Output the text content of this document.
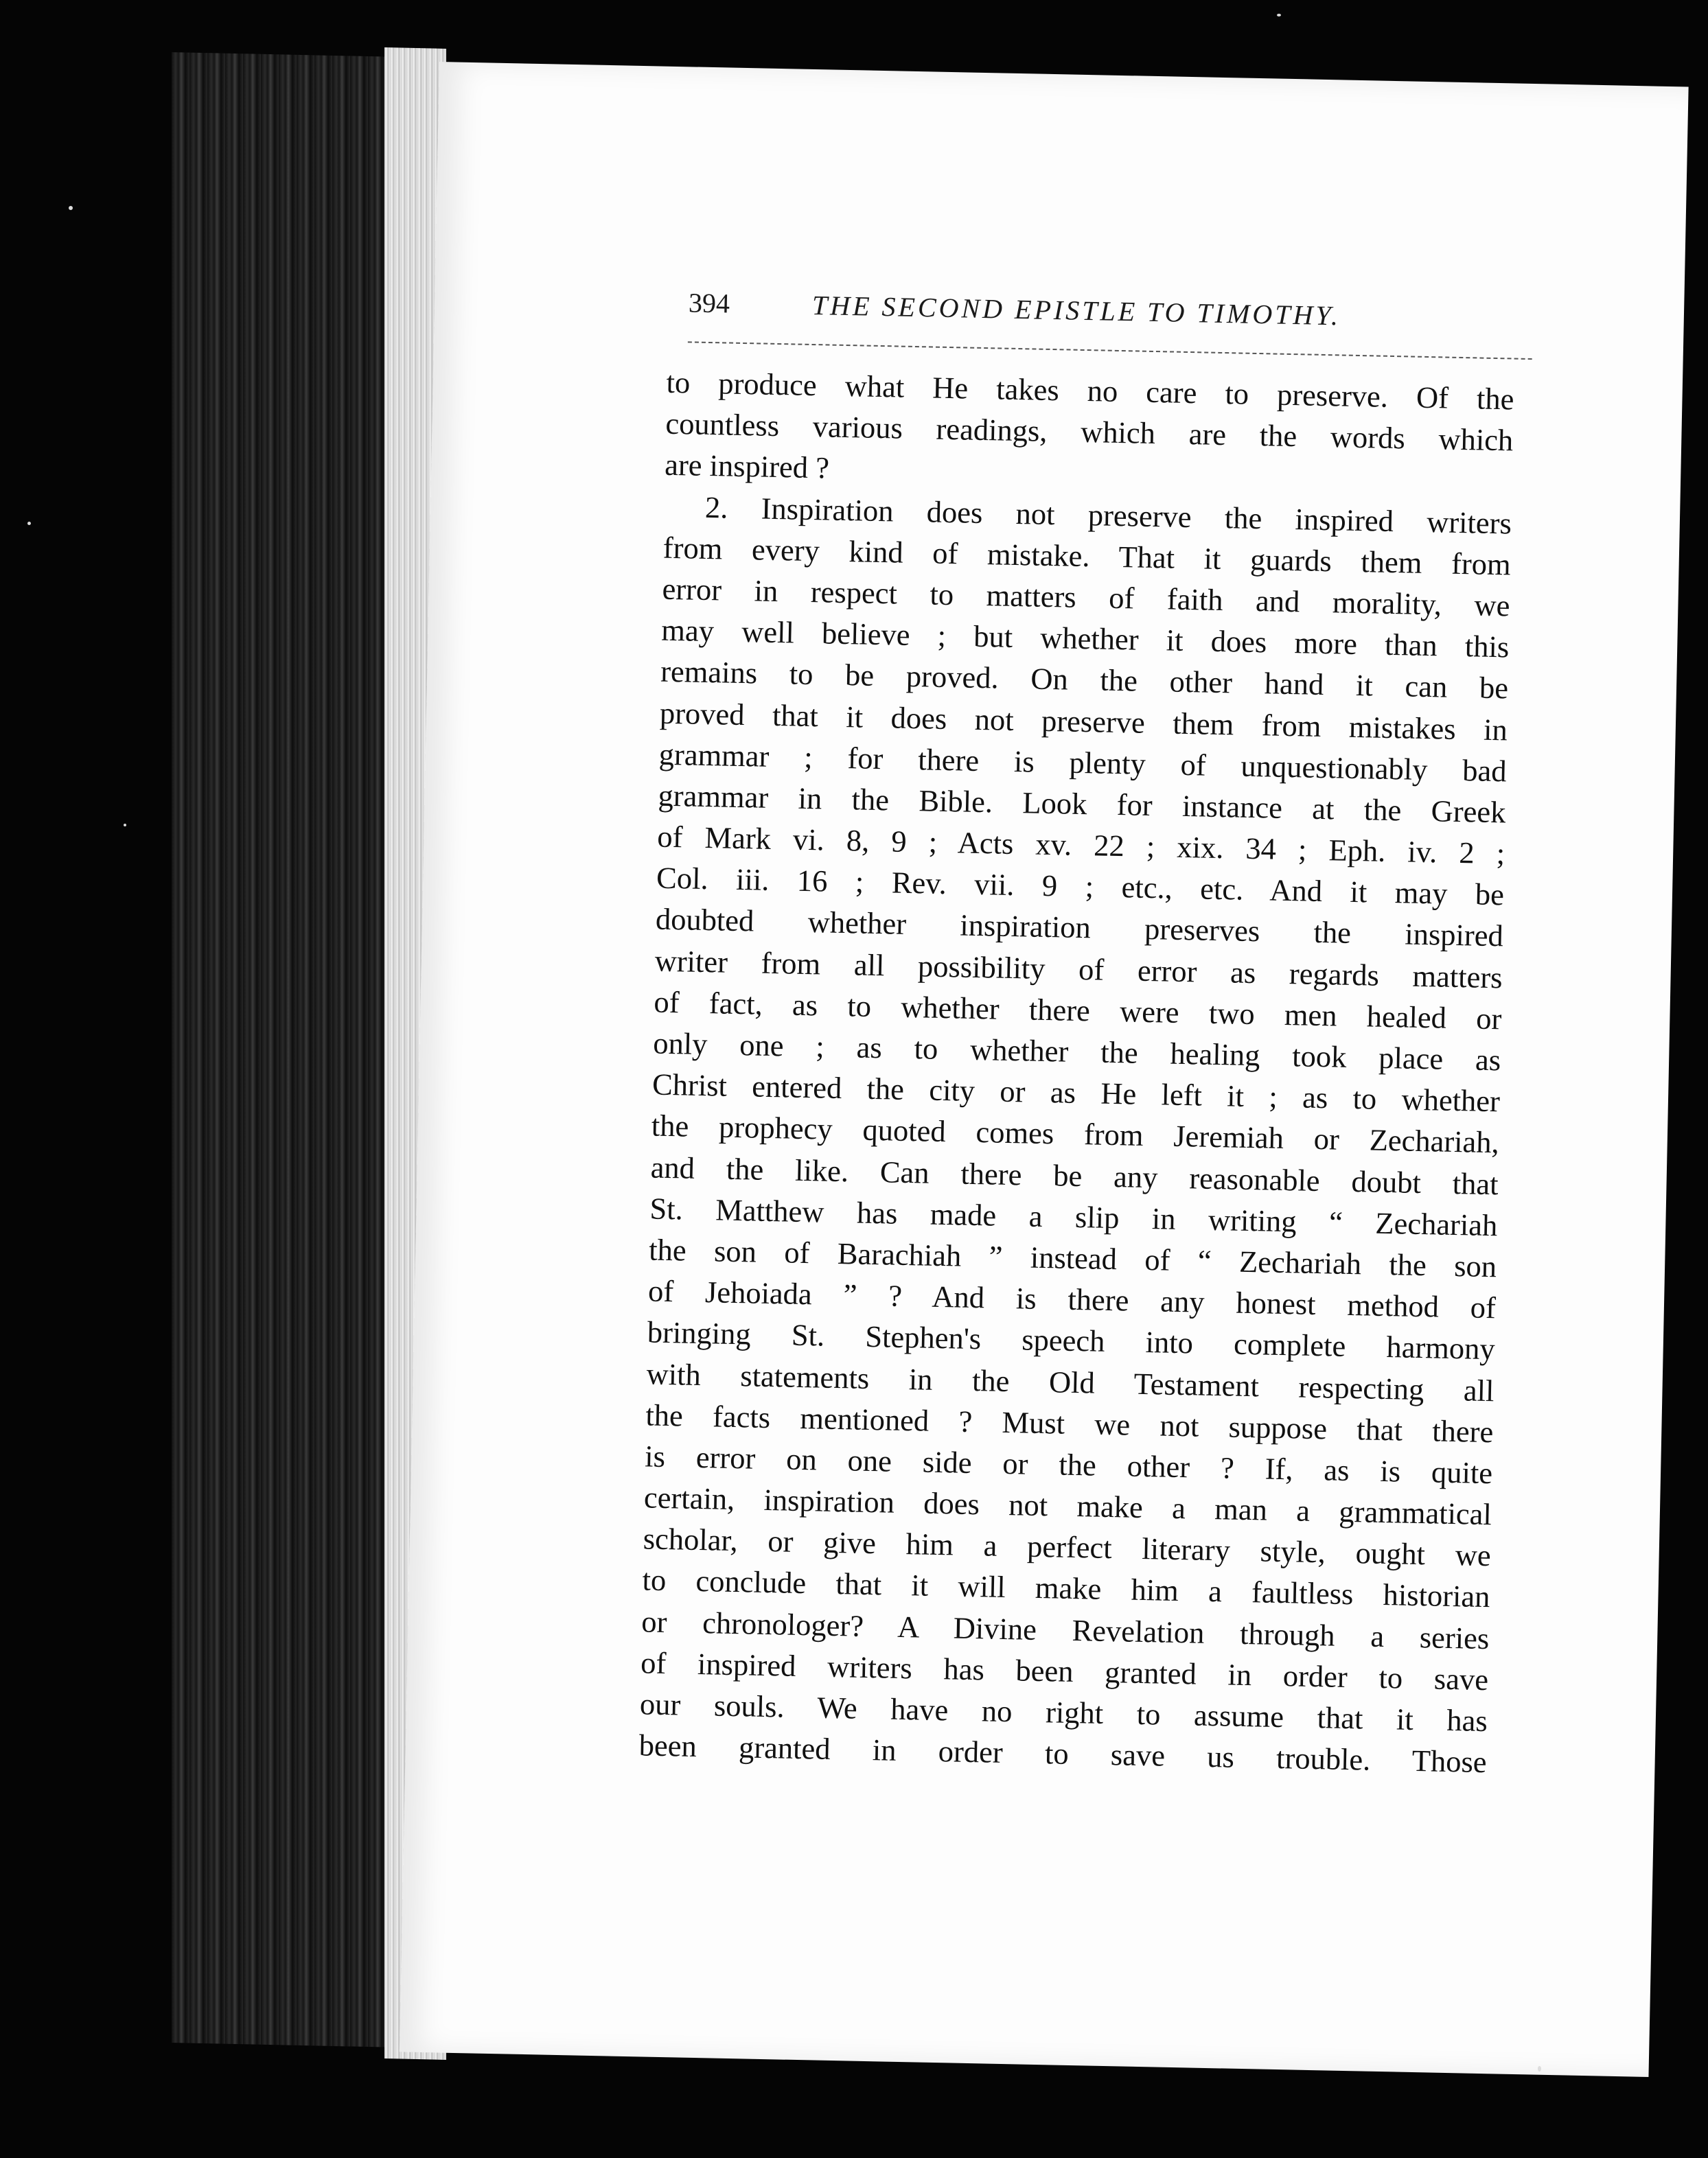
394	THE SECOND EPISTLE TO TIMOTHY.
to produce what He takes no care to preserve. Of the
countless various readings, which are the words which
are inspired ?
2. Inspiration does not preserve the inspired writers
from every kind of mistake. That it guards them from
error in respect to matters of faith and morality, we
may well believe ; but whether it does more than this
remains to be proved. On the other hand it can be
proved that it does not preserve them from mistakes in
grammar ; for there is plenty of unquestionably bad
grammar in the Bible. Look for instance at the Greek
of Mark vi. 8, 9 ; Acts xv. 22 ; xix. 34 ; Eph. iv. 2 ;
Col. iii. 16 ; Rev. vii. 9 ; etc., etc. And it may be
doubted whether inspiration preserves the inspired
writer from all possibility of error as regards matters
of fact, as to whether there were two men healed or
only one ; as to whether the healing took place as
Christ entered the city or as He left it ; as to whether
the prophecy quoted comes from Jeremiah or Zechariah,
and the like. Can there be any reasonable doubt that
St. Matthew has made a slip in writing “ Zechariah
the son of Barachiah ” instead of “ Zechariah the son
of Jehoiada ” ? And is there any honest method of
bringing St. Stephen's speech into complete harmony
with statements in the Old Testament respecting all
the facts mentioned ? Must we not suppose that there
is error on one side or the other ? If, as is quite
certain, inspiration does not make a man a grammatical
scholar, or give him a perfect literary style, ought we
to conclude that it will make him a faultless historian
or chronologer? A Divine Revelation through a series
of inspired writers has been granted in order to save
our souls. We have no right to assume that it has
been granted in order to save us trouble. Those
